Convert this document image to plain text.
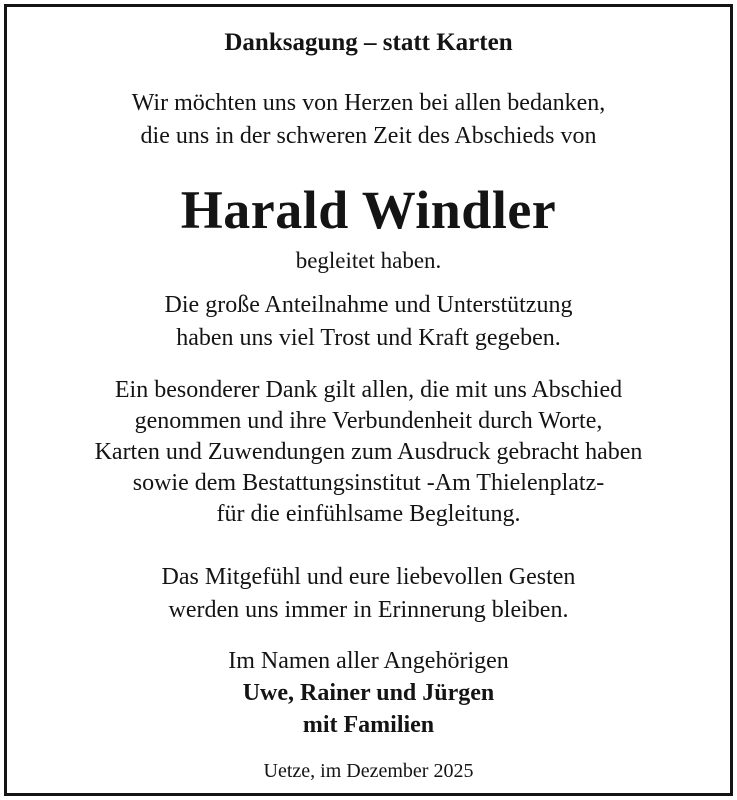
Danksagung – statt Karten
Wir möchten uns von Herzen bei allen bedanken,
die uns in der schweren Zeit des Abschieds von
Harald Windler
begleitet haben.
Die große Anteilnahme und Unterstützung
haben uns viel Trost und Kraft gegeben.
Ein besonderer Dank gilt allen, die mit uns Abschied
genommen und ihre Verbundenheit durch Worte,
Karten und Zuwendungen zum Ausdruck gebracht haben
sowie dem Bestattungsinstitut -Am Thielenplatz-
für die einfühlsame Begleitung.
Das Mitgefühl und eure liebevollen Gesten
werden uns immer in Erinnerung bleiben.
Im Namen aller Angehörigen
Uwe, Rainer und Jürgen
mit Familien
Uetze, im Dezember 2025
